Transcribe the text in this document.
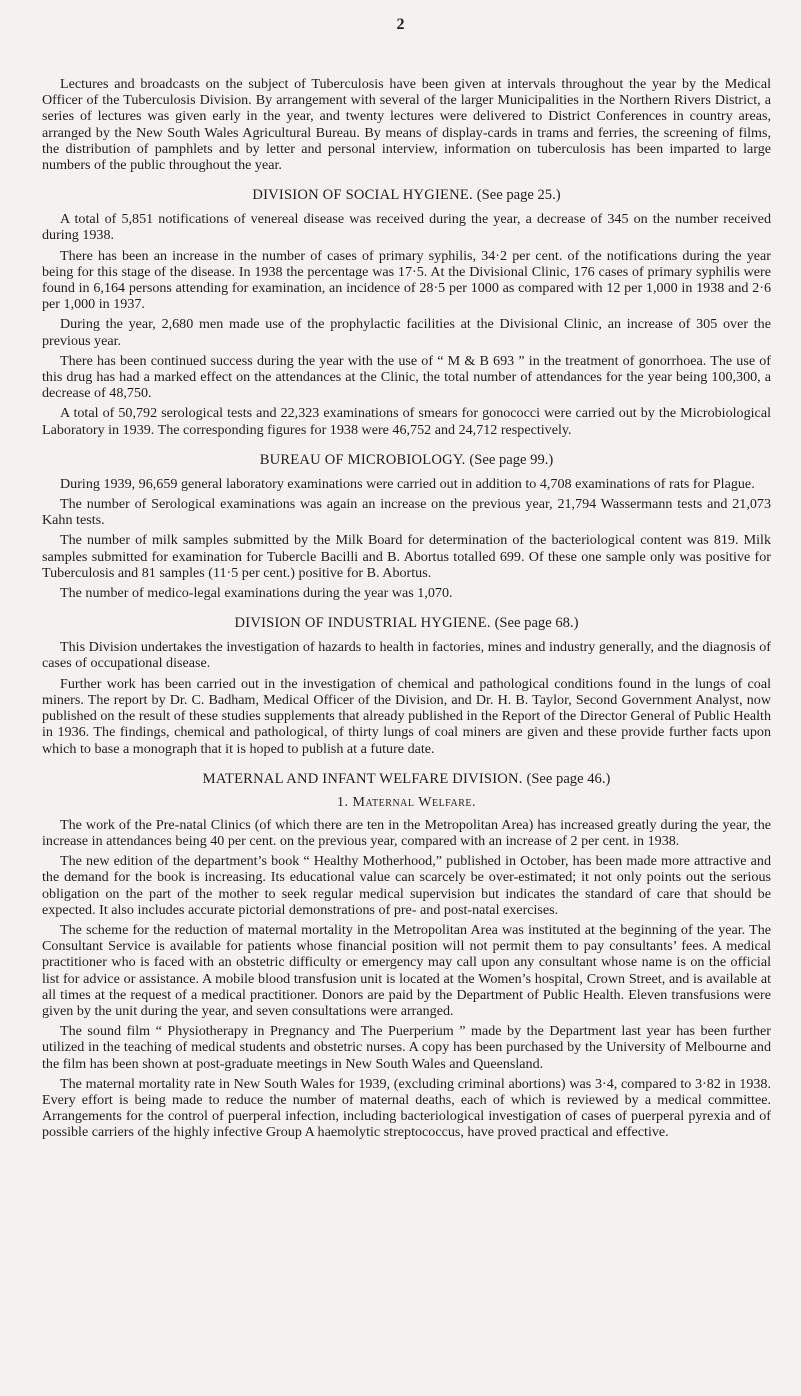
2

Lectures and broadcasts on the subject of Tuberculosis have been given at intervals throughout the year by the Medical Officer of the Tuberculosis Division. By arrangement with several of the larger Municipalities in the Northern Rivers District, a series of lectures was given early in the year, and twenty lectures were delivered to District Conferences in country areas, arranged by the New South Wales Agricultural Bureau. By means of display-cards in trams and ferries, the screening of films, the distribution of pamphlets and by letter and personal interview, information on tuberculosis has been imparted to large numbers of the public throughout the year.

DIVISION OF SOCIAL HYGIENE. (See page 25.)

A total of 5,851 notifications of venereal disease was received during the year, a decrease of 345 on the number received during 1938.

There has been an increase in the number of cases of primary syphilis, 34·2 per cent. of the notifications during the year being for this stage of the disease. In 1938 the percentage was 17·5. At the Divisional Clinic, 176 cases of primary syphilis were found in 6,164 persons attending for examination, an incidence of 28·5 per 1000 as compared with 12 per 1,000 in 1938 and 2·6 per 1,000 in 1937.

During the year, 2,680 men made use of the prophylactic facilities at the Divisional Clinic, an increase of 305 over the previous year.

There has been continued success during the year with the use of “ M & B 693 ” in the treatment of gonorrhoea. The use of this drug has had a marked effect on the attendances at the Clinic, the total number of attendances for the year being 100,300, a decrease of 48,750.

A total of 50,792 serological tests and 22,323 examinations of smears for gonococci were carried out by the Microbiological Laboratory in 1939. The corresponding figures for 1938 were 46,752 and 24,712 respectively.

BUREAU OF MICROBIOLOGY. (See page 99.)

During 1939, 96,659 general laboratory examinations were carried out in addition to 4,708 examinations of rats for Plague.

The number of Serological examinations was again an increase on the previous year, 21,794 Wassermann tests and 21,073 Kahn tests.

The number of milk samples submitted by the Milk Board for determination of the bacteriological content was 819. Milk samples submitted for examination for Tubercle Bacilli and B. Abortus totalled 699. Of these one sample only was positive for Tuberculosis and 81 samples (11·5 per cent.) positive for B. Abortus.

The number of medico-legal examinations during the year was 1,070.

DIVISION OF INDUSTRIAL HYGIENE. (See page 68.)

This Division undertakes the investigation of hazards to health in factories, mines and industry generally, and the diagnosis of cases of occupational disease.

Further work has been carried out in the investigation of chemical and pathological conditions found in the lungs of coal miners. The report by Dr. C. Badham, Medical Officer of the Division, and Dr. H. B. Taylor, Second Government Analyst, now published on the result of these studies supplements that already published in the Report of the Director General of Public Health in 1936. The findings, chemical and pathological, of thirty lungs of coal miners are given and these provide further facts upon which to base a monograph that it is hoped to publish at a future date.

MATERNAL AND INFANT WELFARE DIVISION. (See page 46.)
1. Maternal Welfare.

The work of the Pre-natal Clinics (of which there are ten in the Metropolitan Area) has increased greatly during the year, the increase in attendances being 40 per cent. on the previous year, compared with an increase of 2 per cent. in 1938.

The new edition of the department’s book “ Healthy Motherhood,” published in October, has been made more attractive and the demand for the book is increasing. Its educational value can scarcely be over-estimated; it not only points out the serious obligation on the part of the mother to seek regular medical supervision but indicates the standard of care that should be expected. It also includes accurate pictorial demonstrations of pre- and post-natal exercises.

The scheme for the reduction of maternal mortality in the Metropolitan Area was instituted at the beginning of the year. The Consultant Service is available for patients whose financial position will not permit them to pay consultants’ fees. A medical practitioner who is faced with an obstetric difficulty or emergency may call upon any consultant whose name is on the official list for advice or assistance. A mobile blood transfusion unit is located at the Women’s hospital, Crown Street, and is available at all times at the request of a medical practitioner. Donors are paid by the Department of Public Health. Eleven transfusions were given by the unit during the year, and seven consultations were arranged.

The sound film “ Physiotherapy in Pregnancy and The Puerperium ” made by the Department last year has been further utilized in the teaching of medical students and obstetric nurses. A copy has been purchased by the University of Melbourne and the film has been shown at post-graduate meetings in New South Wales and Queensland.

The maternal mortality rate in New South Wales for 1939, (excluding criminal abortions) was 3·4, compared to 3·82 in 1938. Every effort is being made to reduce the number of maternal deaths, each of which is reviewed by a medical committee. Arrangements for the control of puerperal infection, including bacteriological investigation of cases of puerperal pyrexia and of possible carriers of the highly infective Group A haemolytic streptococcus, have proved practical and effective.
